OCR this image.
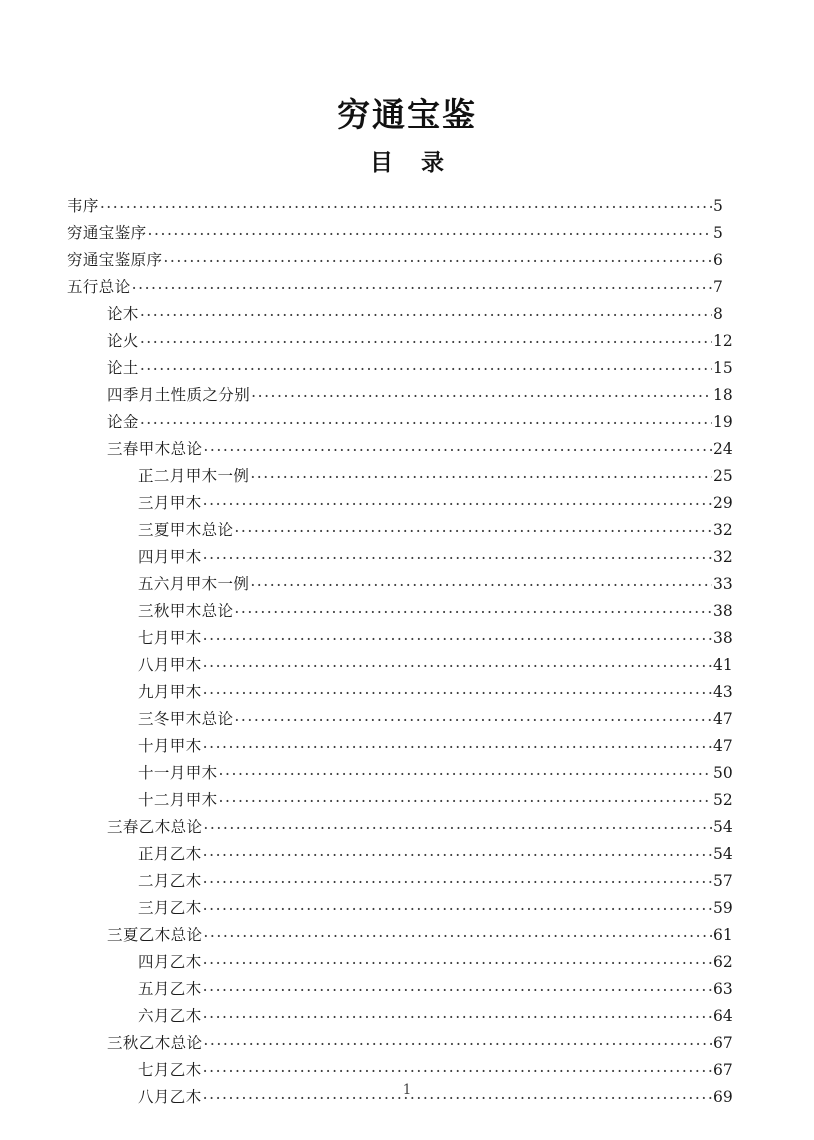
穷通宝鉴
目 录
韦序 .....	5
穷通宝鉴序 .....	5
穷通宝鉴原序 .....	6
五行总论 .....	7
论木 .....	8
论火 .....	12
论土 .....	15
四季月土性质之分别 .....	18
论金 .....	19
三春甲木总论 .....	24
正二月甲木一例 .....	25
三月甲木 .....	29
三夏甲木总论 .....	32
四月甲木 .....	32
五六月甲木一例 .....	33
三秋甲木总论 .....	38
七月甲木 .....	38
八月甲木 .....	41
九月甲木 .....	43
三冬甲木总论 .....	47
十月甲木 .....	47
十一月甲木 .....	50
十二月甲木 .....	52
三春乙木总论 .....	54
正月乙木 .....	54
二月乙木 .....	57
三月乙木 .....	59
三夏乙木总论 .....	61
四月乙木 .....	62
五月乙木 .....	63
六月乙木 .....	64
三秋乙木总论 .....	67
七月乙木 .....	67
八月乙木 .....	69
1
